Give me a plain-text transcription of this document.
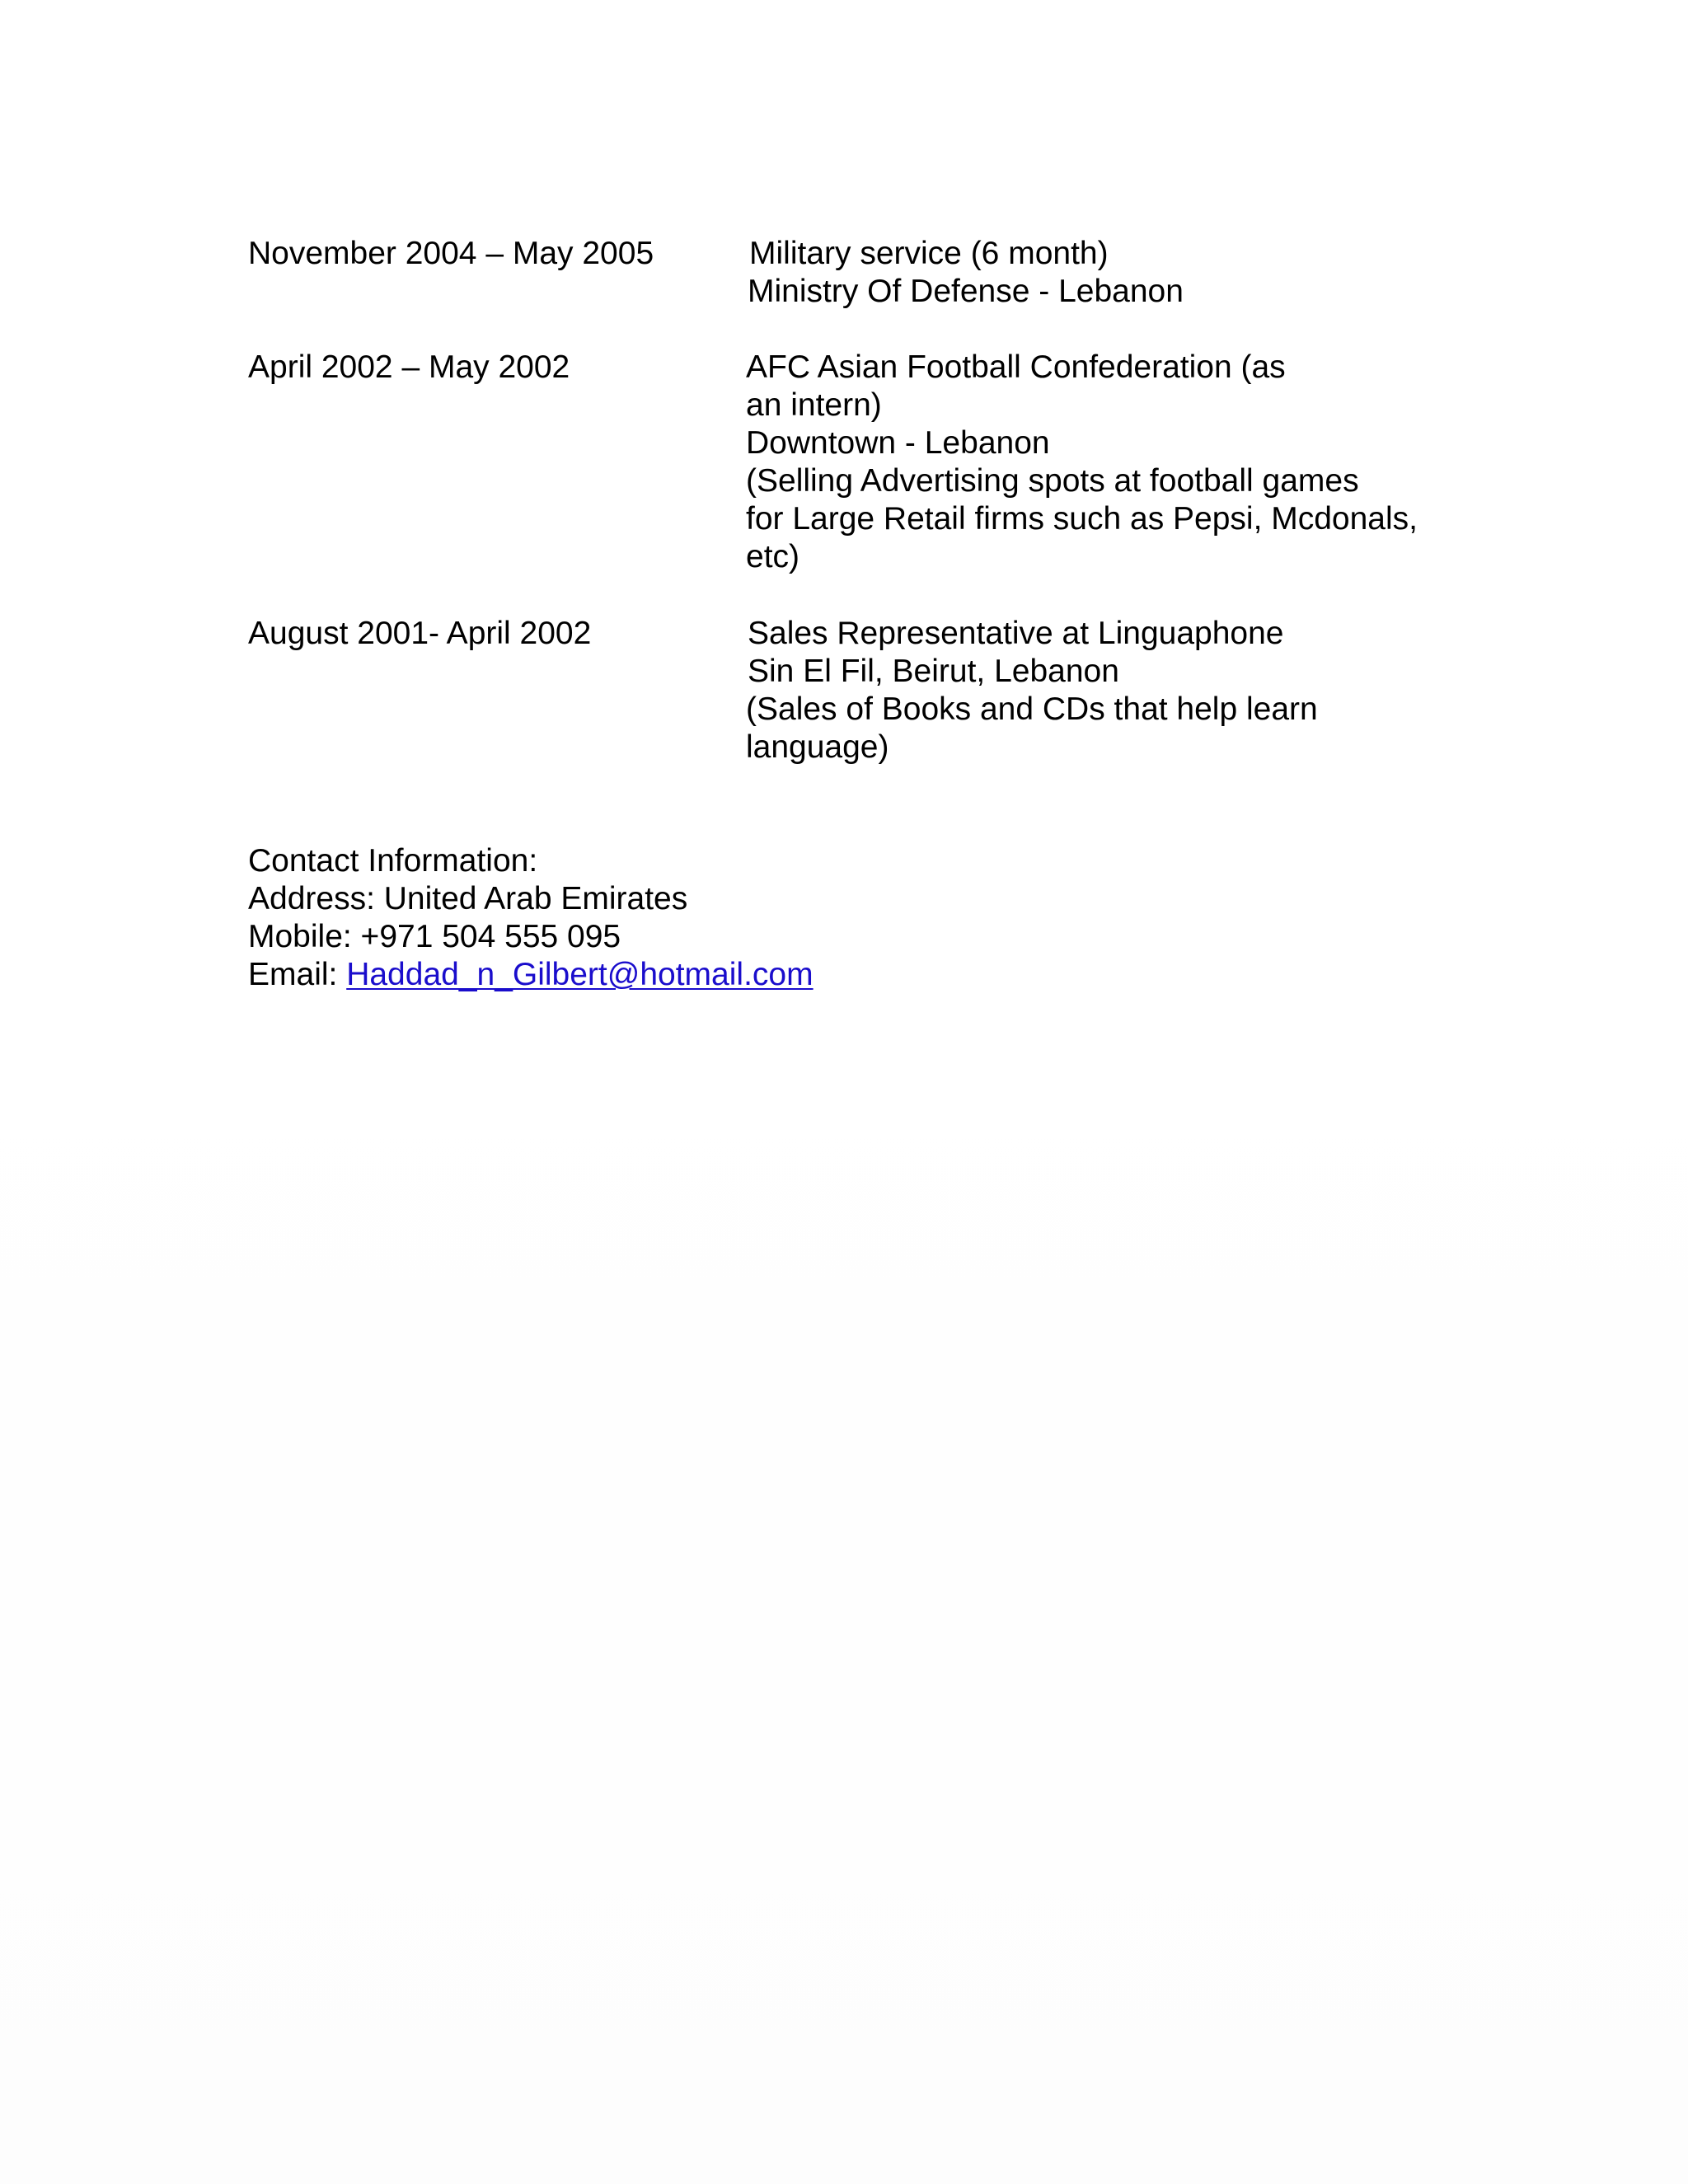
November 2004 – May 2005	Military service (6 month)
Ministry Of Defense - Lebanon
April 2002 – May 2002	AFC Asian Football Confederation (as
an intern)
Downtown - Lebanon
(Selling Advertising spots at football games
for Large Retail firms such as Pepsi, Mcdonals,
etc)
August 2001- April 2002	Sales Representative at Linguaphone
Sin El Fil, Beirut, Lebanon
(Sales of Books and CDs that help learn
language)
Contact Information:
Address: United Arab Emirates
Mobile: +971 504 555 095
Email: Haddad_n_Gilbert@hotmail.com
